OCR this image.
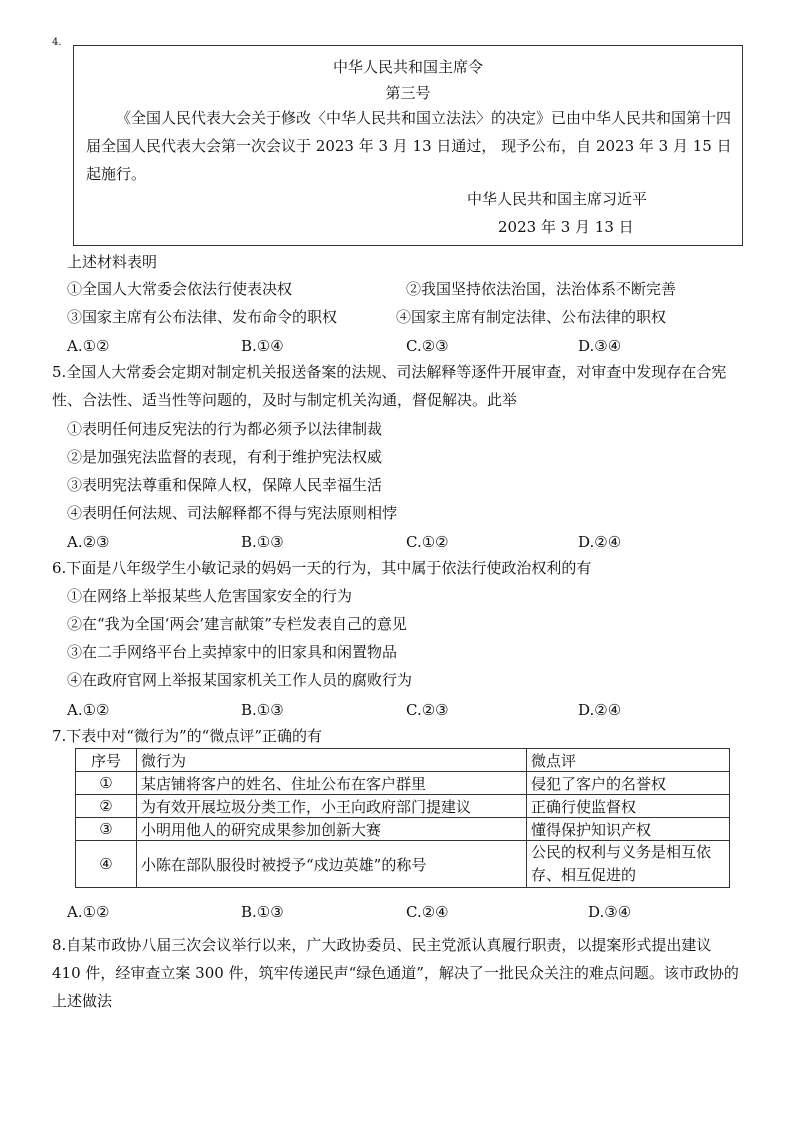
4.
中华人民共和国主席令
第三号
《全国人民代表大会关于修改〈中华人民共和国立法法〉的决定》已由中华人民共和国第十四届全国人民代表大会第一次会议于 2023 年 3 月 13 日通过， 现予公布，自 2023 年 3 月 15 日起施行。
中华人民共和国主席习近平
2023 年 3 月 13 日
上述材料表明
①全国人大常委会依法行使表决权	②我国坚持依法治国，法治体系不断完善
③国家主席有公布法律、发布命令的职权	④国家主席有制定法律、公布法律的职权
A.①②	B.①④	C.②③	D.③④
5.全国人大常委会定期对制定机关报送备案的法规、司法解释等逐件开展审查，对审查中发现存在合宪性、合法性、适当性等问题的，及时与制定机关沟通，督促解决。此举
①表明任何违反宪法的行为都必须予以法律制裁
②是加强宪法监督的表现，有利于维护宪法权威
③表明宪法尊重和保障人权，保障人民幸福生活
④表明任何法规、司法解释都不得与宪法原则相悖
A.②③	B.①③	C.①②	D.②④
6.下面是八年级学生小敏记录的妈妈一天的行为，其中属于依法行使政治权利的有
①在网络上举报某些人危害国家安全的行为
②在“我为全国‘两会’建言献策”专栏发表自己的意见
③在二手网络平台上卖掉家中的旧家具和闲置物品
④在政府官网上举报某国家机关工作人员的腐败行为
A.①②	B.①③	C.②③	D.②④
7.下表中对“微行为”的“微点评”正确的有
序号	微行为	微点评
①	某店铺将客户的姓名、住址公布在客户群里	侵犯了客户的名誉权
②	为有效开展垃圾分类工作，小王向政府部门提建议	正确行使监督权
③	小明用他人的研究成果参加创新大赛	懂得保护知识产权
④	小陈在部队服役时被授予“戍边英雄”的称号	公民的权利与义务是相互依存、相互促进的
A.①②	B.①③	C.②④	D.③④
8.自某市政协八届三次会议举行以来，广大政协委员、民主党派认真履行职责，以提案形式提出建议 410 件，经审查立案 300 件，筑牢传递民声“绿色通道”，解决了一批民众关注的难点问题。该市政协的上述做法
